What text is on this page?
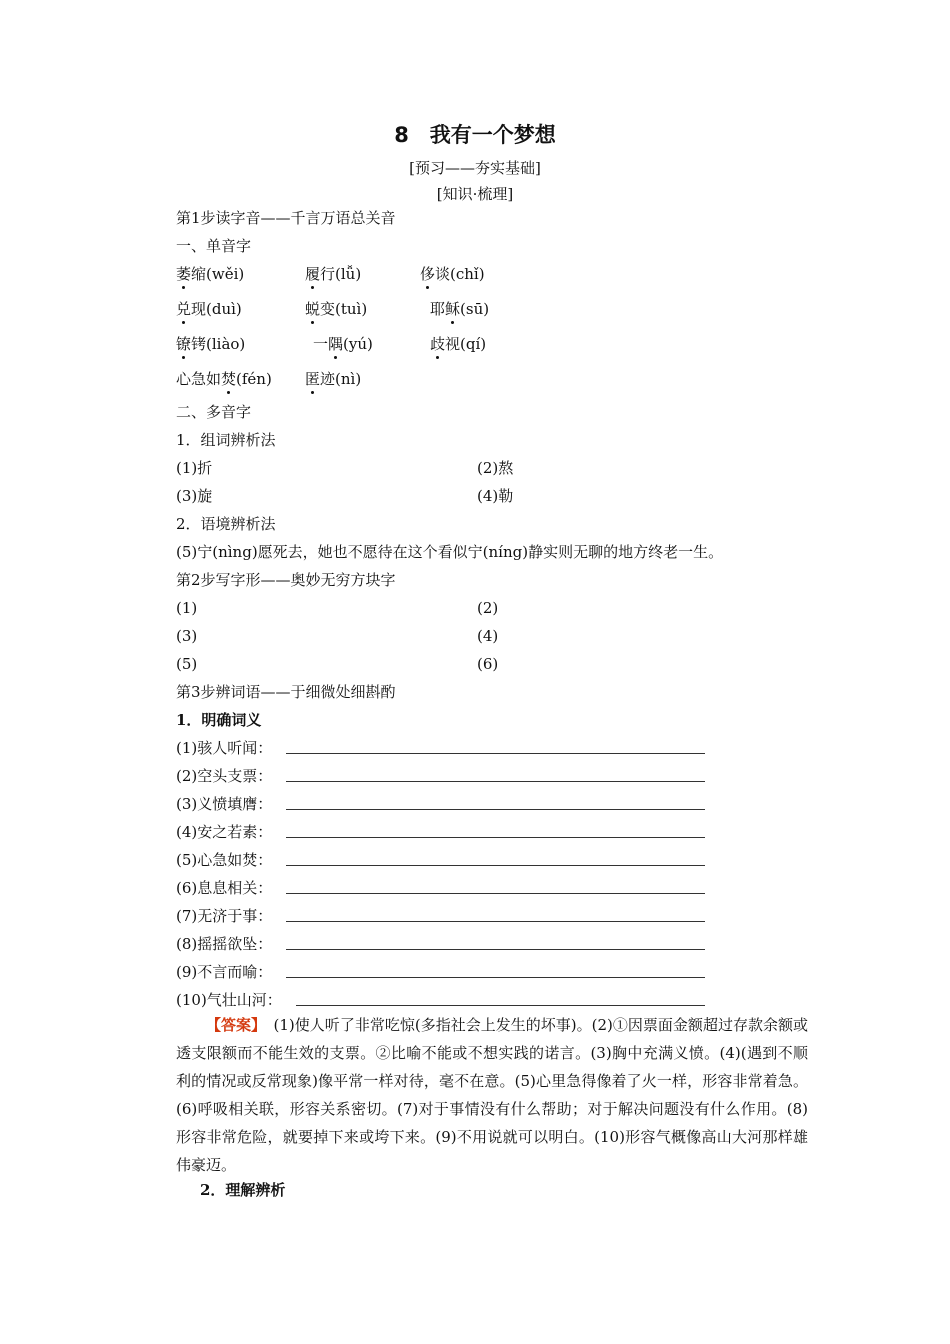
8　我有一个梦想
[预习——夯实基础]
[知识·梳理]
第1步读字音——千言万语总关音
一、单音字
萎缩(wěi)	履行(lǚ)	侈谈(chǐ)
兑现(duì)	蜕变(tuì)	耶稣(sū)
镣铐(liào)	一隅(yú)	歧视(qí)
心急如焚(fén) 匿迹(nì)
二、多音字
1．组词辨析法
(1)折	(2)熬
(3)旋	(4)勒
2．语境辨析法
(5)宁(nìng)愿死去，她也不愿待在这个看似宁(níng)静实则无聊的地方终老一生。
第2步写字形——奥妙无穷方块字
(1)	(2)
(3)	(4)
(5)	(6)
第3步辨词语——于细微处细斟酌
1．明确词义
(1)骇人听闻：
(2)空头支票：
(3)义愤填膺：
(4)安之若素：
(5)心急如焚：
(6)息息相关：
(7)无济于事：
(8)摇摇欲坠：
(9)不言而喻：
(10)气壮山河：
【答案】　(1)使人听了非常吃惊(多指社会上发生的坏事)。(2)①因票面金额超过存款余额或透支限额而不能生效的支票。②比喻不能或不想实践的诺言。(3)胸中充满义愤。(4)(遇到不顺利的情况或反常现象)像平常一样对待，毫不在意。(5)心里急得像着了火一样，形容非常着急。(6)呼吸相关联，形容关系密切。(7)对于事情没有什么帮助；对于解决问题没有什么作用。(8)形容非常危险，就要掉下来或垮下来。(9)不用说就可以明白。(10)形容气概像高山大河那样雄伟豪迈。
2．理解辨析
